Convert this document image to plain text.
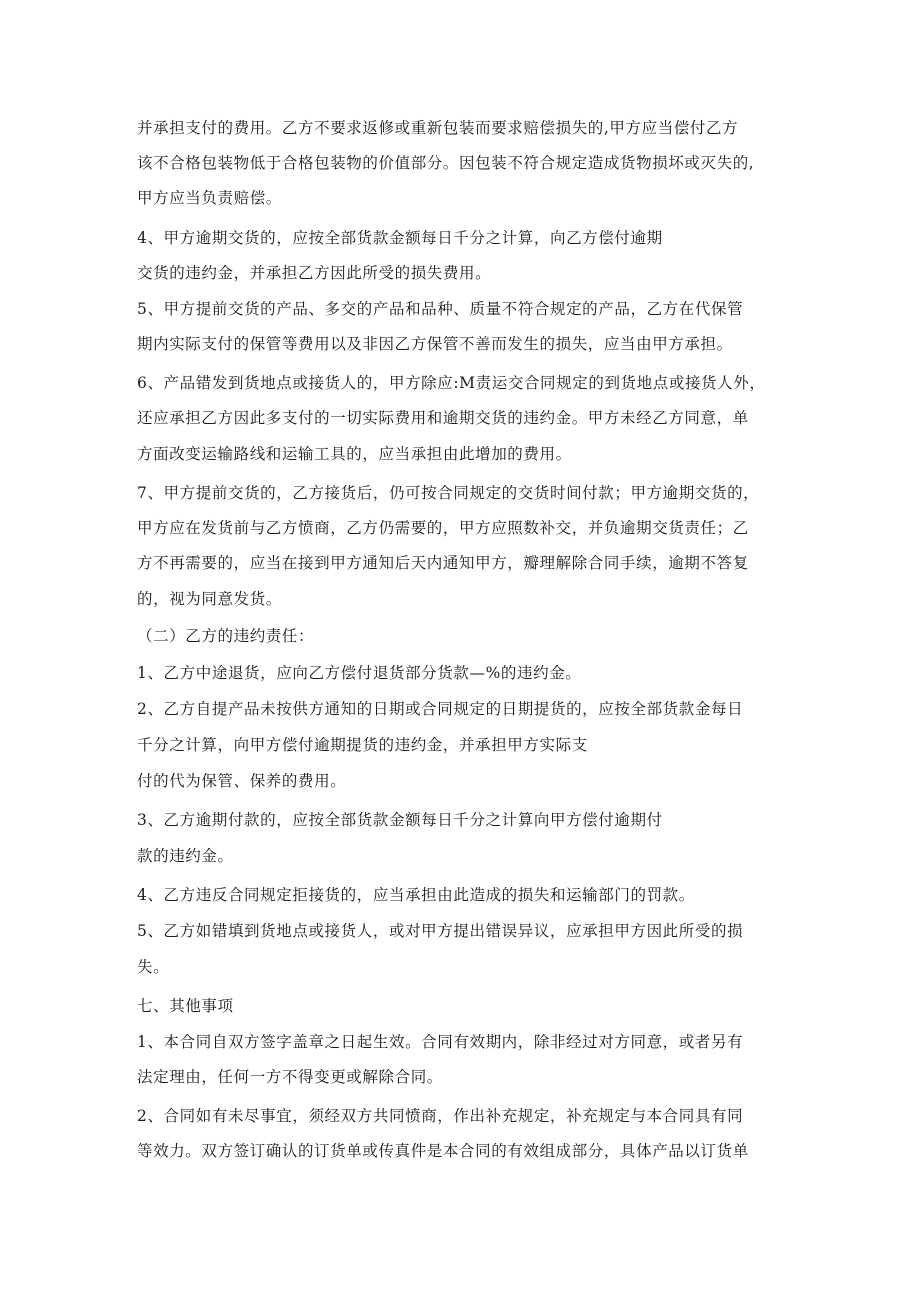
并承担支付的费用。乙方不要求返修或重新包装而要求赔偿损失的,甲方应当偿付乙方

该不合格包装物低于合格包装物的价值部分。因包装不符合规定造成货物损坏或灭失的,

甲方应当负责赔偿。

4、甲方逾期交货的，应按全部货款金额每日千分之计算，向乙方偿付逾期

交货的违约金，并承担乙方因此所受的损失费用。

5、甲方提前交货的产品、多交的产品和品种、质量不符合规定的产品，乙方在代保管

期内实际支付的保管等费用以及非因乙方保管不善而发生的损失，应当由甲方承担。

6、产品错发到货地点或接货人的，甲方除应:M责运交合同规定的到货地点或接货人外，

还应承担乙方因此多支付的一切实际费用和逾期交货的违约金。甲方未经乙方同意，单

方面改变运输路线和运输工具的，应当承担由此增加的费用。

7、甲方提前交货的，乙方接货后，仍可按合同规定的交货时间付款；甲方逾期交货的，

甲方应在发货前与乙方愤商，乙方仍需要的，甲方应照数补交，并负逾期交货责任；乙

方不再需要的，应当在接到甲方通知后天内通知甲方，瓣理解除合同手续，逾期不答复

的，视为同意发货。

（二）乙方的违约责任：

1、乙方中途退货，应向乙方偿付退货部分货款—%的违约金。

2、乙方自提产品未按供方通知的日期或合同规定的日期提货的，应按全部货款金每日

千分之计算，向甲方偿付逾期提货的违约金，并承担甲方实际支

付的代为保管、保养的费用。

3、乙方逾期付款的，应按全部货款金额每日千分之计算向甲方偿付逾期付

款的违约金。

4、乙方违反合同规定拒接货的，应当承担由此造成的损失和运输部门的罚款。

5、乙方如错填到货地点或接货人，或对甲方提出错误异议，应承担甲方因此所受的损

失。

七、其他事项

1、本合同自双方签字盖章之日起生效。合同有效期内，除非经过对方同意，或者另有

法定理由，任何一方不得变更或解除合同。

2、合同如有未尽事宜，须经双方共同愤商，作出补充规定，补充规定与本合同具有同

等效力。双方签订确认的订货单或传真件是本合同的有效组成部分，具体产品以订货单
